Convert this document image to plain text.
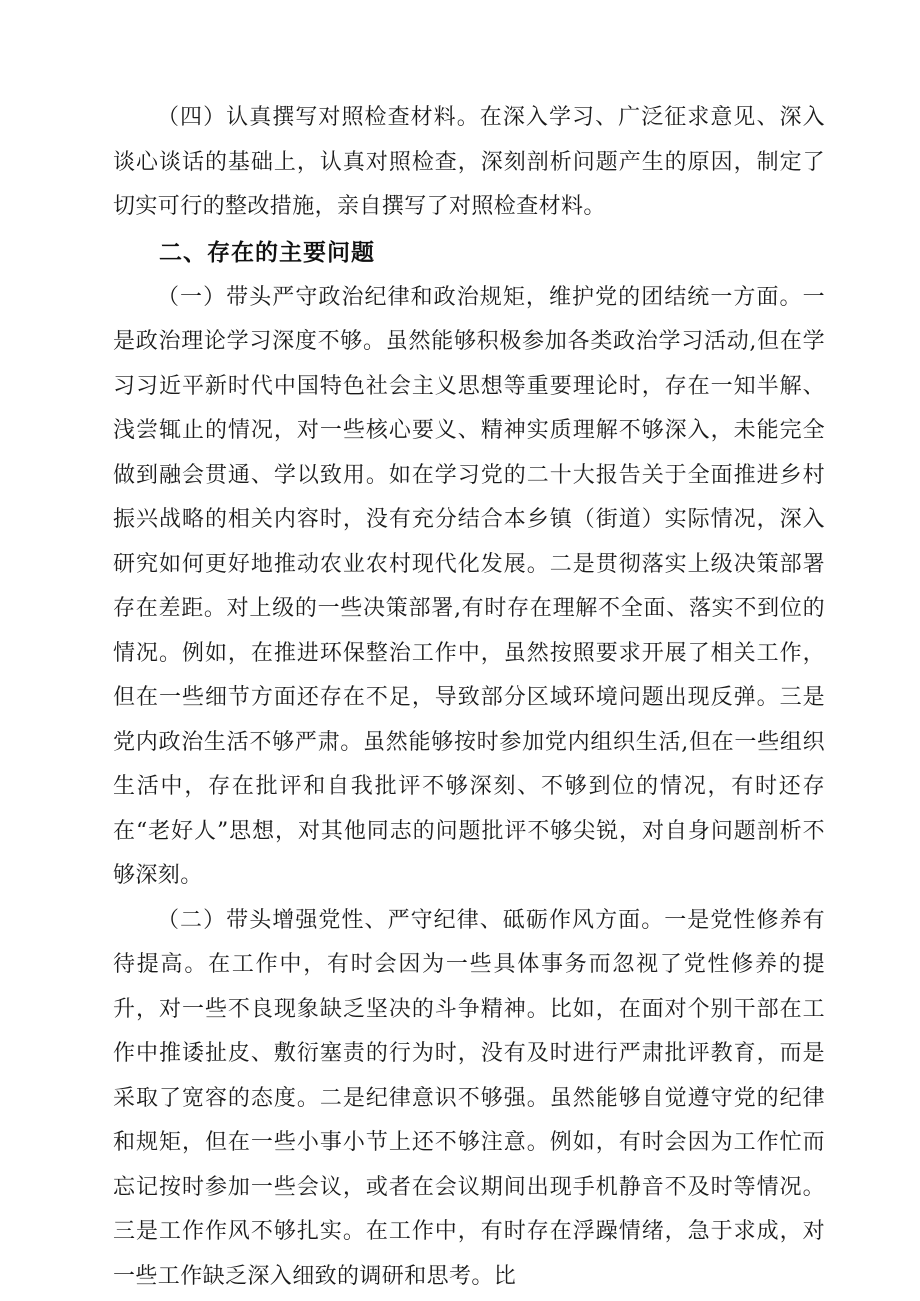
（四）认真撰写对照检查材料。在深入学习、广泛征求意见、深入谈心谈话的基础上，认真对照检查，深刻剖析问题产生的原因，制定了切实可行的整改措施，亲自撰写了对照检查材料。

二、存在的主要问题

（一）带头严守政治纪律和政治规矩，维护党的团结统一方面。一是政治理论学习深度不够。虽然能够积极参加各类政治学习活动,但在学习习近平新时代中国特色社会主义思想等重要理论时，存在一知半解、浅尝辄止的情况，对一些核心要义、精神实质理解不够深入，未能完全做到融会贯通、学以致用。如在学习党的二十大报告关于全面推进乡村振兴战略的相关内容时，没有充分结合本乡镇（街道）实际情况，深入研究如何更好地推动农业农村现代化发展。二是贯彻落实上级决策部署存在差距。对上级的一些决策部署,有时存在理解不全面、落实不到位的情况。例如，在推进环保整治工作中，虽然按照要求开展了相关工作，但在一些细节方面还存在不足，导致部分区域环境问题出现反弹。三是党内政治生活不够严肃。虽然能够按时参加党内组织生活,但在一些组织生活中，存在批评和自我批评不够深刻、不够到位的情况，有时还存在“老好人”思想，对其他同志的问题批评不够尖锐，对自身问题剖析不够深刻。

（二）带头增强党性、严守纪律、砥砺作风方面。一是党性修养有待提高。在工作中，有时会因为一些具体事务而忽视了党性修养的提升，对一些不良现象缺乏坚决的斗争精神。比如，在面对个别干部在工作中推诿扯皮、敷衍塞责的行为时，没有及时进行严肃批评教育，而是采取了宽容的态度。二是纪律意识不够强。虽然能够自觉遵守党的纪律和规矩，但在一些小事小节上还不够注意。例如，有时会因为工作忙而忘记按时参加一些会议，或者在会议期间出现手机静音不及时等情况。三是工作作风不够扎实。在工作中，有时存在浮躁情绪，急于求成，对一些工作缺乏深入细致的调研和思考。比
